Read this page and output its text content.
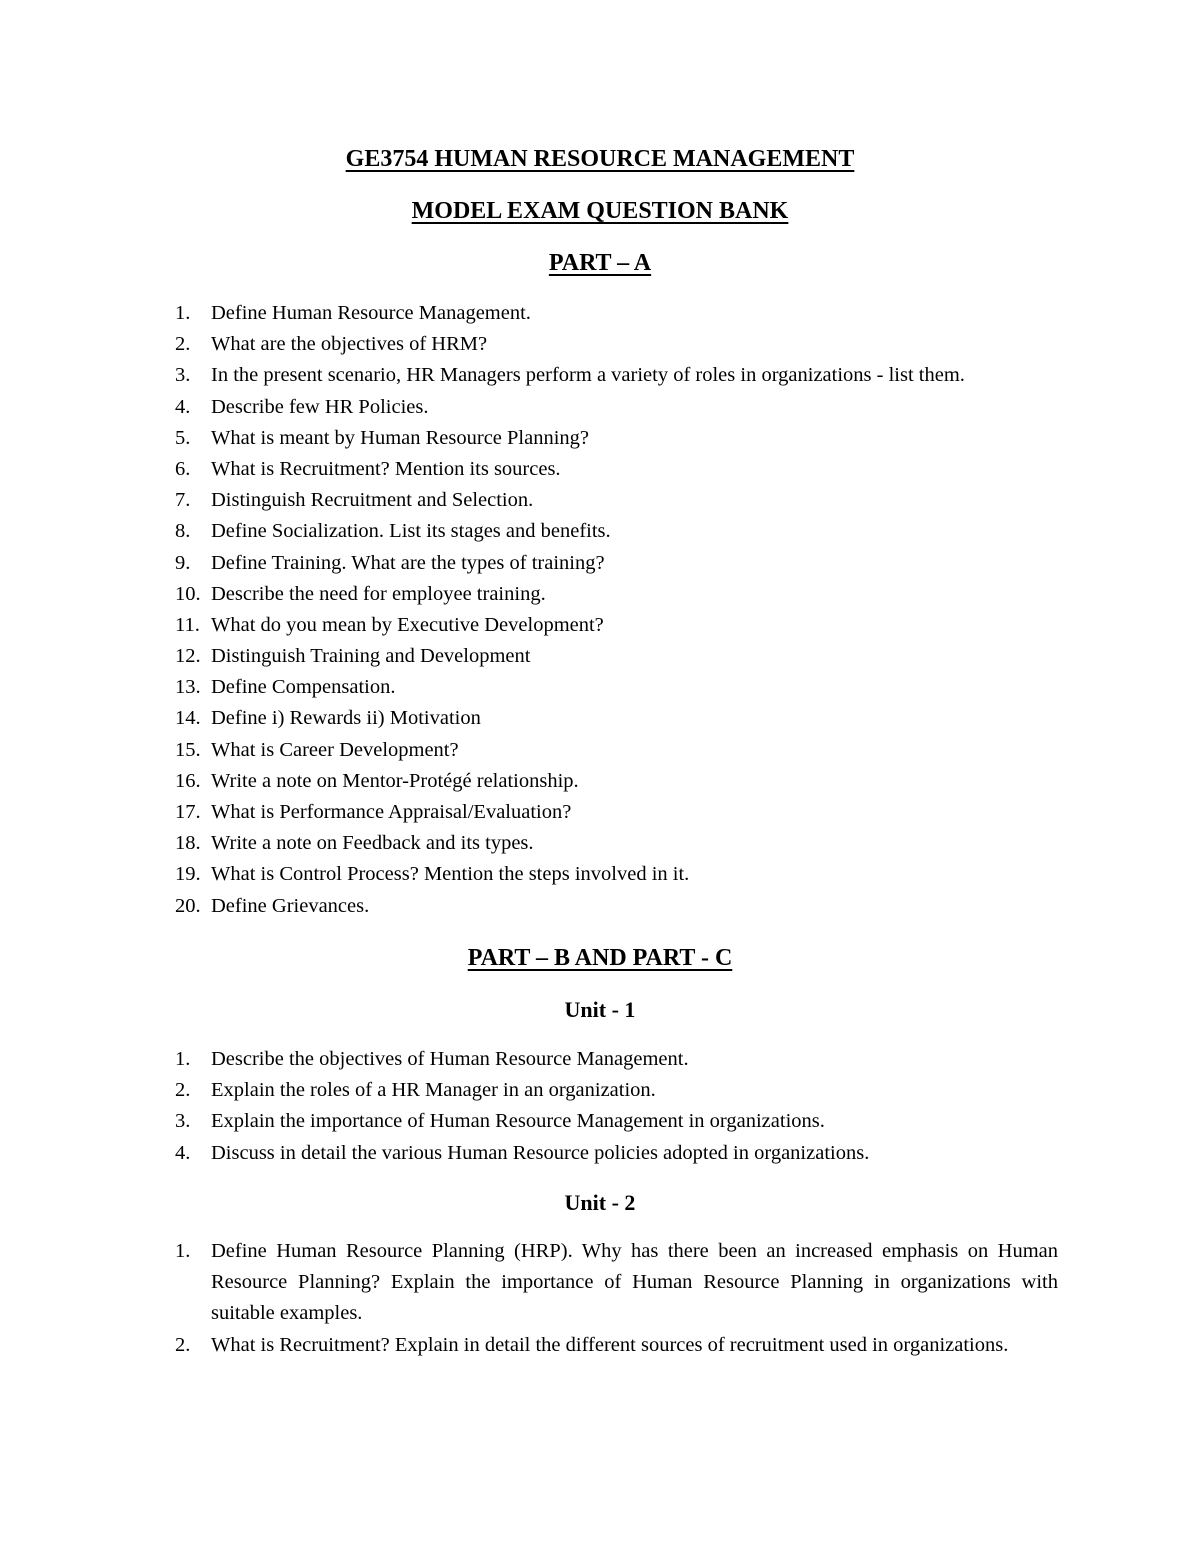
GE3754 HUMAN RESOURCE MANAGEMENT
MODEL EXAM QUESTION BANK
PART – A
1. Define Human Resource Management.
2. What are the objectives of HRM?
3. In the present scenario, HR Managers perform a variety of roles in organizations - list them.
4. Describe few HR Policies.
5. What is meant by Human Resource Planning?
6. What is Recruitment? Mention its sources.
7. Distinguish Recruitment and Selection.
8. Define Socialization. List its stages and benefits.
9. Define Training. What are the types of training?
10. Describe the need for employee training.
11. What do you mean by Executive Development?
12. Distinguish Training and Development
13. Define Compensation.
14. Define i) Rewards ii) Motivation
15. What is Career Development?
16. Write a note on Mentor-Protégé relationship.
17. What is Performance Appraisal/Evaluation?
18. Write a note on Feedback and its types.
19. What is Control Process? Mention the steps involved in it.
20. Define Grievances.
PART – B AND PART - C
Unit - 1
1. Describe the objectives of Human Resource Management.
2. Explain the roles of a HR Manager in an organization.
3. Explain the importance of Human Resource Management in organizations.
4. Discuss in detail the various Human Resource policies adopted in organizations.
Unit - 2
1. Define Human Resource Planning (HRP). Why has there been an increased emphasis on Human Resource Planning? Explain the importance of Human Resource Planning in organizations with suitable examples.
2. What is Recruitment? Explain in detail the different sources of recruitment used in organizations.
